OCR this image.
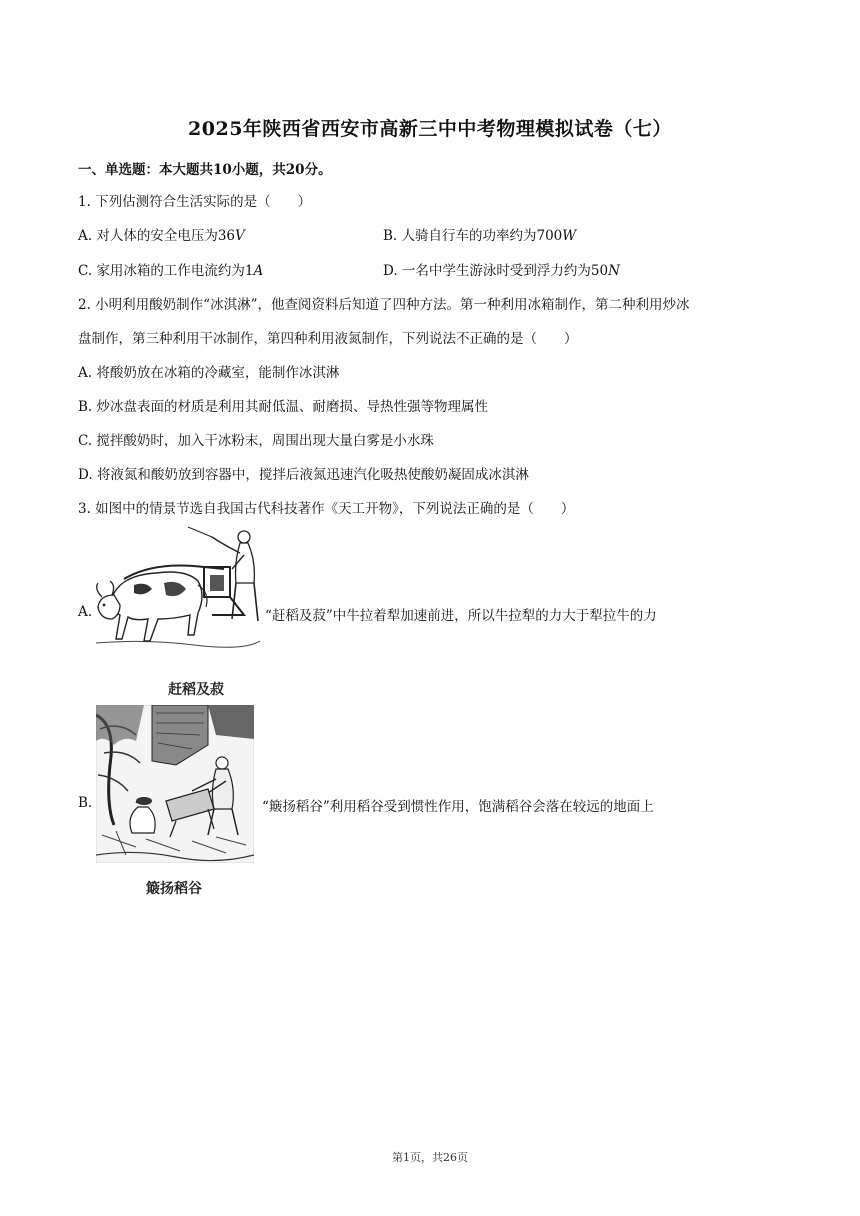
2025年陕西省西安市高新三中中考物理模拟试卷（七）
一、单选题：本大题共10小题，共20分。
1. 下列估测符合生活实际的是（　　）
A. 对人体的安全电压为36V	B. 人骑自行车的功率约为700W
C. 家用冰箱的工作电流约为1A	D. 一名中学生游泳时受到浮力约为50N
2. 小明利用酸奶制作“冰淇淋”，他查阅资料后知道了四种方法。第一种利用冰箱制作，第二种利用炒冰
盘制作，第三种利用干冰制作，第四种利用液氮制作，下列说法不正确的是（　　）
A. 将酸奶放在冰箱的冷藏室，能制作冰淇淋
B. 炒冰盘表面的材质是利用其耐低温、耐磨损、导热性强等物理属性
C. 搅拌酸奶时，加入干冰粉末，周围出现大量白雾是小水珠
D. 将液氮和酸奶放到容器中，搅拌后液氮迅速汽化吸热使酸奶凝固成冰淇淋
3. 如图中的情景节选自我国古代科技著作《天工开物》，下列说法正确的是（　　）
A.	“赶稻及菽”中牛拉着犁加速前进，所以牛拉犁的力大于犁拉牛的力
赶稻及菽
B.	“簸扬稻谷”利用稻谷受到惯性作用，饱满稻谷会落在较远的地面上
簸扬稻谷
第1页，共26页
